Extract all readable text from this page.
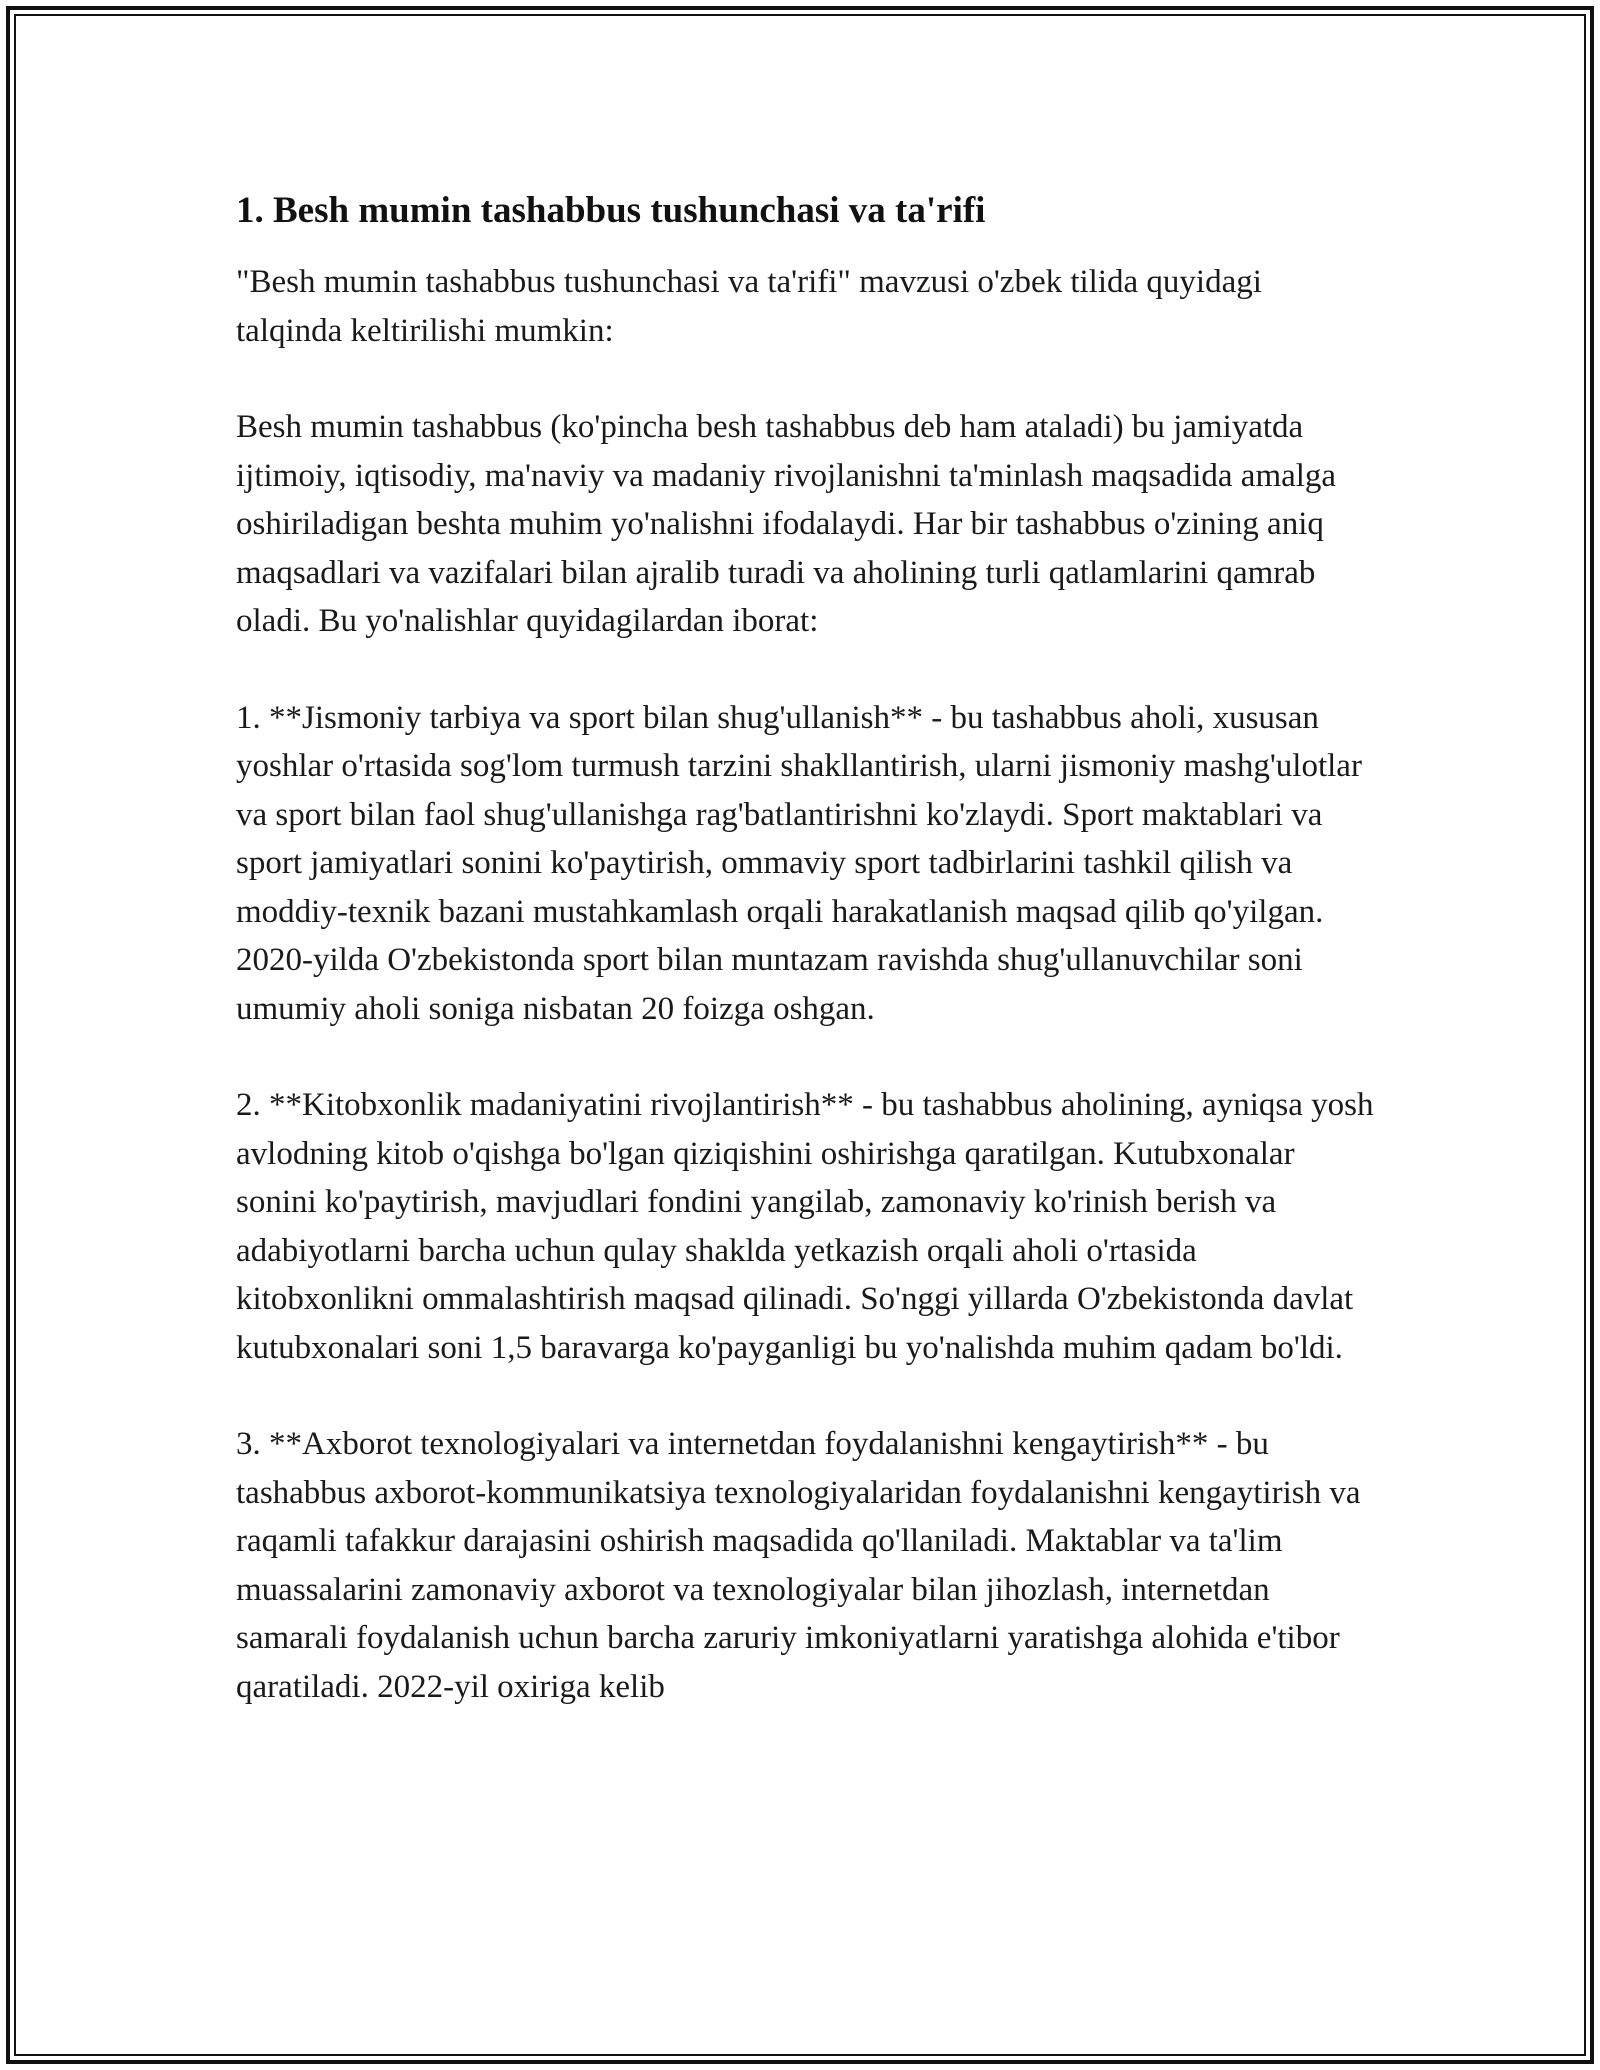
1. Besh mumin tashabbus tushunchasi va ta'rifi

"Besh mumin tashabbus tushunchasi va ta'rifi" mavzusi o'zbek tilida quyidagi talqinda keltirilishi mumkin:

Besh mumin tashabbus (ko'pincha besh tashabbus deb ham ataladi) bu jamiyatda ijtimoiy, iqtisodiy, ma'naviy va madaniy rivojlanishni ta'minlash maqsadida amalga oshiriladigan beshta muhim yo'nalishni ifodalaydi. Har bir tashabbus o'zining aniq maqsadlari va vazifalari bilan ajralib turadi va aholining turli qatlamlarini qamrab oladi. Bu yo'nalishlar quyidagilardan iborat:

1. **Jismoniy tarbiya va sport bilan shug'ullanish** - bu tashabbus aholi, xususan yoshlar o'rtasida sog'lom turmush tarzini shakllantirish, ularni jismoniy mashg'ulotlar va sport bilan faol shug'ullanishga rag'batlantirishni ko'zlaydi. Sport maktablari va sport jamiyatlari sonini ko'paytirish, ommaviy sport tadbirlarini tashkil qilish va moddiy-texnik bazani mustahkamlash orqali harakatlanish maqsad qilib qo'yilgan. 2020-yilda O'zbekistonda sport bilan muntazam ravishda shug'ullanuvchilar soni umumiy aholi soniga nisbatan 20 foizga oshgan.

2. **Kitobxonlik madaniyatini rivojlantirish** - bu tashabbus aholining, ayniqsa yosh avlodning kitob o'qishga bo'lgan qiziqishini oshirishga qaratilgan. Kutubxonalar sonini ko'paytirish, mavjudlari fondini yangilab, zamonaviy ko'rinish berish va adabiyotlarni barcha uchun qulay shaklda yetkazish orqali aholi o'rtasida kitobxonlikni ommalashtirish maqsad qilinadi. So'nggi yillarda O'zbekistonda davlat kutubxonalari soni 1,5 baravarga ko'payganligi bu yo'nalishda muhim qadam bo'ldi.

3. **Axborot texnologiyalari va internetdan foydalanishni kengaytirish** - bu tashabbus axborot-kommunikatsiya texnologiyalaridan foydalanishni kengaytirish va raqamli tafakkur darajasini oshirish maqsadida qo'llaniladi. Maktablar va ta'lim muassalarini zamonaviy axborot va texnologiyalar bilan jihozlash, internetdan samarali foydalanish uchun barcha zaruriy imkoniyatlarni yaratishga alohida e'tibor qaratiladi. 2022-yil oxiriga kelib
